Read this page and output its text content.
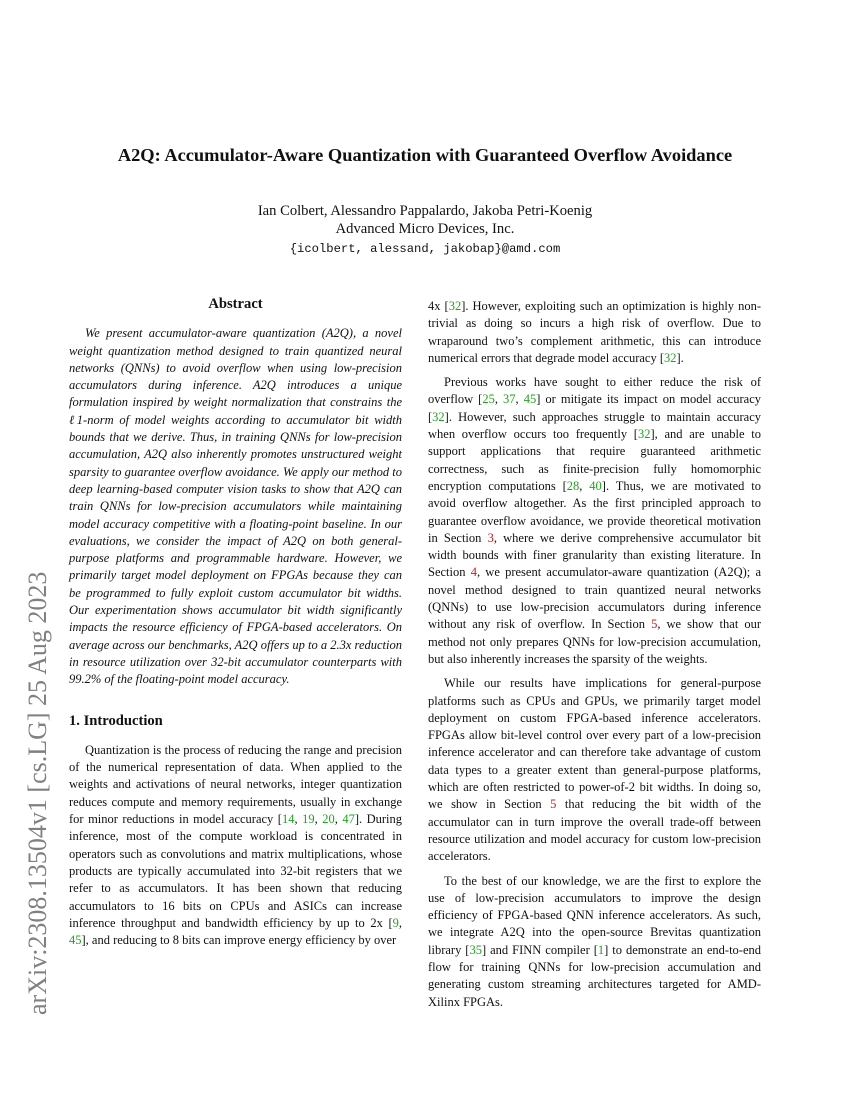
A2Q: Accumulator-Aware Quantization with Guaranteed Overflow Avoidance
Ian Colbert, Alessandro Pappalardo, Jakoba Petri-Koenig
Advanced Micro Devices, Inc.
{icolbert, alessand, jakobap}@amd.com
arXiv:2308.13504v1 [cs.LG] 25 Aug 2023
Abstract

We present accumulator-aware quantization (A2Q), a novel weight quantization method designed to train quantized neural networks (QNNs) to avoid overflow when using low-precision accumulators during inference. A2Q introduces a unique formulation inspired by weight normalization that constrains the ℓ1-norm of model weights according to accumulator bit width bounds that we derive. Thus, in training QNNs for low-precision accumulation, A2Q also inherently promotes unstructured weight sparsity to guarantee overflow avoidance. We apply our method to deep learning-based computer vision tasks to show that A2Q can train QNNs for low-precision accumulators while maintaining model accuracy competitive with a floating-point baseline. In our evaluations, we consider the impact of A2Q on both general-purpose platforms and programmable hardware. However, we primarily target model deployment on FPGAs because they can be programmed to fully exploit custom accumulator bit widths. Our experimentation shows accumulator bit width significantly impacts the resource efficiency of FPGA-based accelerators. On average across our benchmarks, A2Q offers up to a 2.3x reduction in resource utilization over 32-bit accumulator counterparts with 99.2% of the floating-point model accuracy.

1. Introduction

Quantization is the process of reducing the range and precision of the numerical representation of data. When applied to the weights and activations of neural networks, integer quantization reduces compute and memory requirements, usually in exchange for minor reductions in model accuracy [14, 19, 20, 47]. During inference, most of the compute workload is concentrated in operators such as convolutions and matrix multiplications, whose products are typically accumulated into 32-bit registers that we refer to as accumulators. It has been shown that reducing accumulators to 16 bits on CPUs and ASICs can increase inference throughput and bandwidth efficiency by up to 2x [9, 45], and reducing to 8 bits can improve energy efficiency by over

4x [32]. However, exploiting such an optimization is highly non-trivial as doing so incurs a high risk of overflow. Due to wraparound two’s complement arithmetic, this can introduce numerical errors that degrade model accuracy [32].

Previous works have sought to either reduce the risk of overflow [25, 37, 45] or mitigate its impact on model accuracy [32]. However, such approaches struggle to maintain accuracy when overflow occurs too frequently [32], and are unable to support applications that require guaranteed arithmetic correctness, such as finite-precision fully homomorphic encryption computations [28, 40]. Thus, we are motivated to avoid overflow altogether. As the first principled approach to guarantee overflow avoidance, we provide theoretical motivation in Section 3, where we derive comprehensive accumulator bit width bounds with finer granularity than existing literature. In Section 4, we present accumulator-aware quantization (A2Q); a novel method designed to train quantized neural networks (QNNs) to use low-precision accumulators during inference without any risk of overflow. In Section 5, we show that our method not only prepares QNNs for low-precision accumulation, but also inherently increases the sparsity of the weights.

While our results have implications for general-purpose platforms such as CPUs and GPUs, we primarily target model deployment on custom FPGA-based inference accelerators. FPGAs allow bit-level control over every part of a low-precision inference accelerator and can therefore take advantage of custom data types to a greater extent than general-purpose platforms, which are often restricted to power-of-2 bit widths. In doing so, we show in Section 5 that reducing the bit width of the accumulator can in turn improve the overall trade-off between resource utilization and model accuracy for custom low-precision accelerators.

To the best of our knowledge, we are the first to explore the use of low-precision accumulators to improve the design efficiency of FPGA-based QNN inference accelerators. As such, we integrate A2Q into the open-source Brevitas quantization library [35] and FINN compiler [1] to demonstrate an end-to-end flow for training QNNs for low-precision accumulation and generating custom streaming architectures targeted for AMD-Xilinx FPGAs.
